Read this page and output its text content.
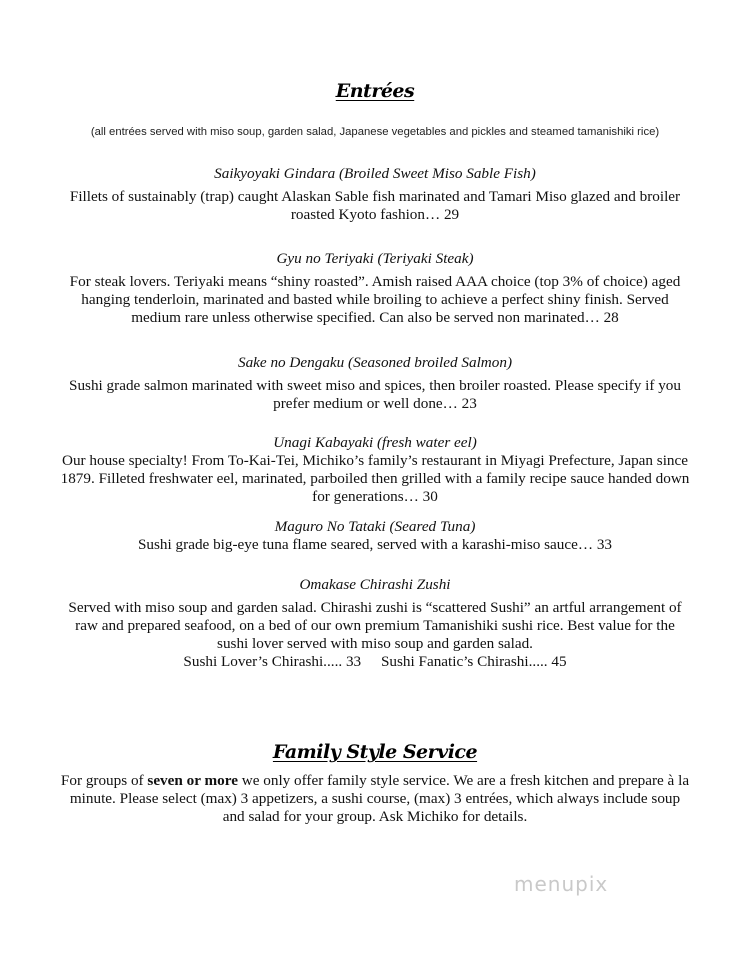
Entrées
(all entrées served with miso soup, garden salad, Japanese vegetables and pickles and steamed tamanishiki rice)
Saikyoyaki Gindara (Broiled Sweet Miso Sable Fish)
Fillets of sustainably (trap) caught Alaskan Sable fish marinated and Tamari Miso glazed and broiler roasted Kyoto fashion… 29
Gyu no Teriyaki (Teriyaki Steak)
For steak lovers. Teriyaki means “shiny roasted”. Amish raised AAA choice (top 3% of choice) aged hanging tenderloin, marinated and basted while broiling to achieve a perfect shiny finish. Served medium rare unless otherwise specified. Can also be served non marinated… 28
Sake no Dengaku (Seasoned broiled Salmon)
Sushi grade salmon marinated with sweet miso and spices, then broiler roasted. Please specify if you prefer medium or well done… 23
Unagi Kabayaki (fresh water eel)
Our house specialty! From To-Kai-Tei, Michiko’s family’s restaurant in Miyagi Prefecture, Japan since 1879. Filleted freshwater eel, marinated, parboiled then grilled with a family recipe sauce handed down for generations… 30
Maguro No Tataki (Seared Tuna)
Sushi grade big-eye tuna flame seared, served with a karashi-miso sauce… 33
Omakase Chirashi Zushi
Served with miso soup and garden salad. Chirashi zushi is “scattered Sushi” an artful arrangement of raw and prepared seafood, on a bed of our own premium Tamanishiki sushi rice. Best value for the sushi lover served with miso soup and garden salad.
Sushi Lover’s Chirashi..... 33 Sushi Fanatic’s Chirashi..... 45
Family Style Service
For groups of seven or more we only offer family style service. We are a fresh kitchen and prepare à la minute. Please select (max) 3 appetizers, a sushi course, (max) 3 entrées, which always include soup and salad for your group. Ask Michiko for details.
menupix
